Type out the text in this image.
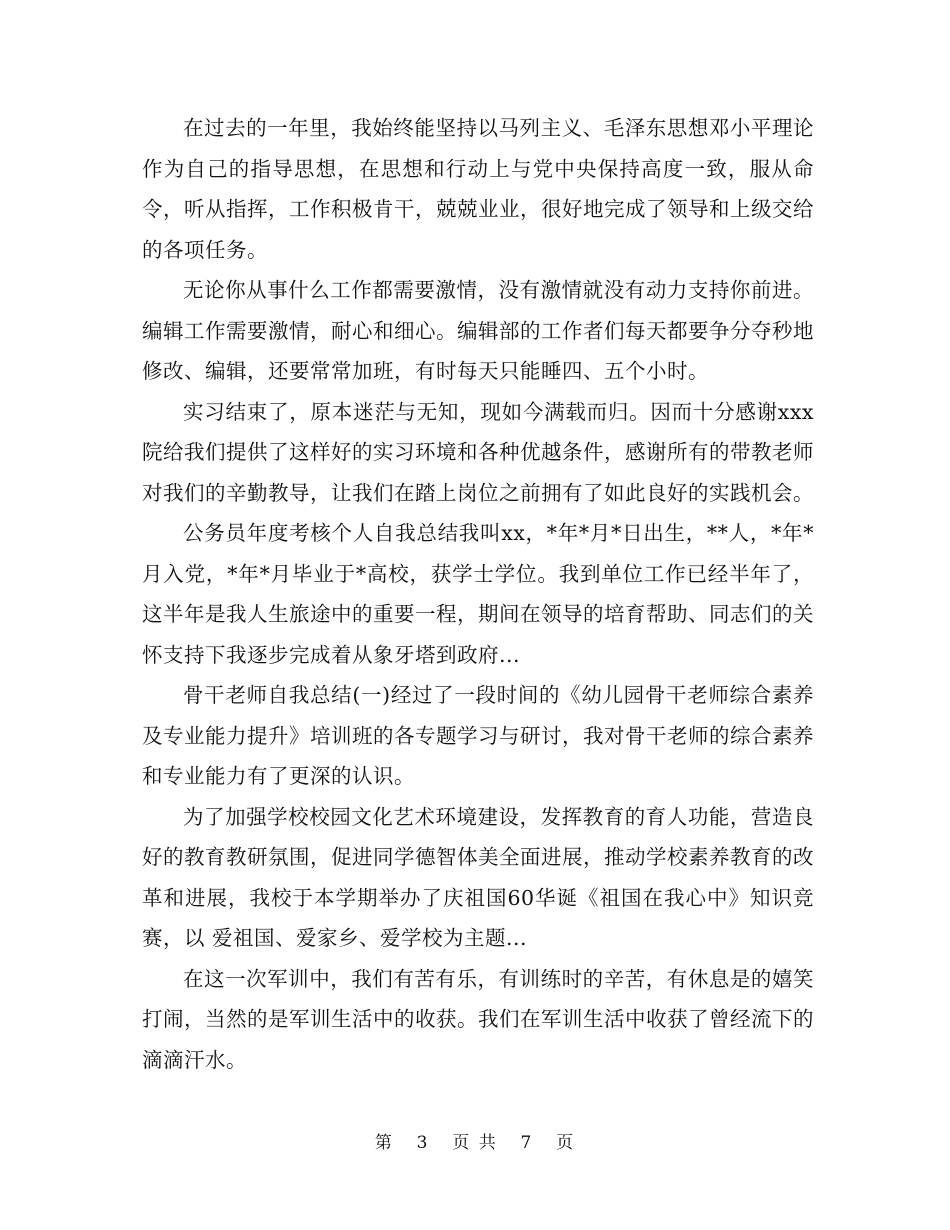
在过去的一年里，我始终能坚持以马列主义、毛泽东思想邓小平理论作为自己的指导思想，在思想和行动上与党中央保持高度一致，服从命令，听从指挥，工作积极肯干，兢兢业业，很好地完成了领导和上级交给的各项任务。

无论你从事什么工作都需要激情，没有激情就没有动力支持你前进。编辑工作需要激情，耐心和细心。编辑部的工作者们每天都要争分夺秒地修改、编辑，还要常常加班，有时每天只能睡四、五个小时。

实习结束了，原本迷茫与无知，现如今满载而归。因而十分感谢xxx院给我们提供了这样好的实习环境和各种优越条件，感谢所有的带教老师对我们的辛勤教导，让我们在踏上岗位之前拥有了如此良好的实践机会。

公务员年度考核个人自我总结我叫xx，*年*月*日出生，**人，*年*月入党，*年*月毕业于*高校，获学士学位。我到单位工作已经半年了，这半年是我人生旅途中的重要一程，期间在领导的培育帮助、同志们的关怀支持下我逐步完成着从象牙塔到政府...

骨干老师自我总结(一)经过了一段时间的《幼儿园骨干老师综合素养及专业能力提升》培训班的各专题学习与研讨，我对骨干老师的综合素养和专业能力有了更深的认识。

为了加强学校校园文化艺术环境建设，发挥教育的育人功能，营造良好的教育教研氛围，促进同学德智体美全面进展，推动学校素养教育的改革和进展，我校于本学期举办了庆祖国60华诞《祖国在我心中》知识竞赛，以 爱祖国、爱家乡、爱学校为主题...

在这一次军训中，我们有苦有乐，有训练时的辛苦，有休息是的嬉笑打闹，当然的是军训生活中的收获。我们在军训生活中收获了曾经流下的滴滴汗水。

第 3 页 共 7 页
